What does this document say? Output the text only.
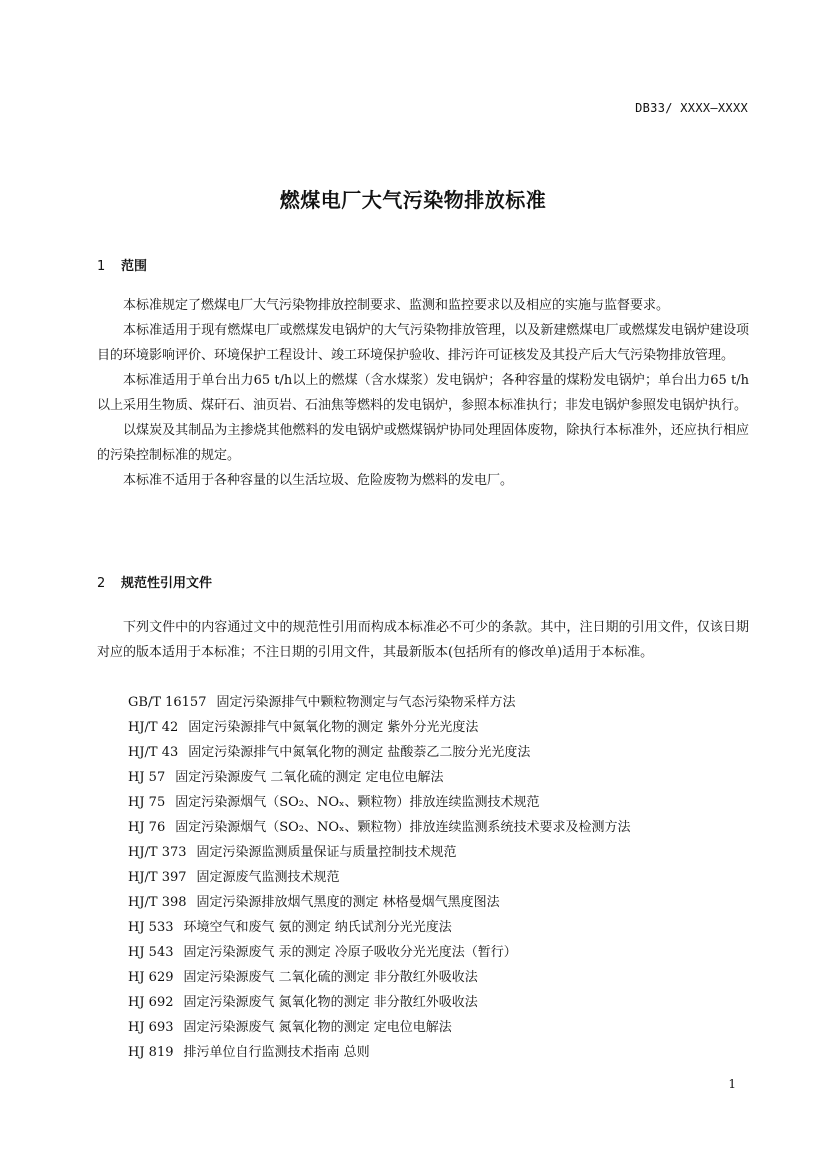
DB33/ XXXX—XXXX
燃煤电厂大气污染物排放标准
1 范围

本标准规定了燃煤电厂大气污染物排放控制要求、监测和监控要求以及相应的实施与监督要求。

本标准适用于现有燃煤电厂或燃煤发电锅炉的大气污染物排放管理，以及新建燃煤电厂或燃煤发电锅炉建设项目的环境影响评价、环境保护工程设计、竣工环境保护验收、排污许可证核发及其投产后大气污染物排放管理。

本标准适用于单台出力65 t/h以上的燃煤（含水煤浆）发电锅炉；各种容量的煤粉发电锅炉；单台出力65 t/h以上采用生物质、煤矸石、油页岩、石油焦等燃料的发电锅炉，参照本标准执行；非发电锅炉参照发电锅炉执行。

以煤炭及其制品为主掺烧其他燃料的发电锅炉或燃煤锅炉协同处理固体废物，除执行本标准外，还应执行相应的污染控制标准的规定。

本标准不适用于各种容量的以生活垃圾、危险废物为燃料的发电厂。

2 规范性引用文件

下列文件中的内容通过文中的规范性引用而构成本标准必不可少的条款。其中，注日期的引用文件，仅该日期对应的版本适用于本标准；不注日期的引用文件，其最新版本(包括所有的修改单)适用于本标准。

GB/T 16157 固定污染源排气中颗粒物测定与气态污染物采样方法
HJ/T 42 固定污染源排气中氮氧化物的测定 紫外分光光度法
HJ/T 43 固定污染源排气中氮氧化物的测定 盐酸萘乙二胺分光光度法
HJ 57 固定污染源废气 二氧化硫的测定 定电位电解法
HJ 75 固定污染源烟气（SO₂、NOₓ、颗粒物）排放连续监测技术规范
HJ 76 固定污染源烟气（SO₂、NOₓ、颗粒物）排放连续监测系统技术要求及检测方法
HJ/T 373 固定污染源监测质量保证与质量控制技术规范
HJ/T 397 固定源废气监测技术规范
HJ/T 398 固定污染源排放烟气黑度的测定 林格曼烟气黑度图法
HJ 533 环境空气和废气 氨的测定 纳氏试剂分光光度法
HJ 543 固定污染源废气 汞的测定 冷原子吸收分光光度法（暂行）
HJ 629 固定污染源废气 二氧化硫的测定 非分散红外吸收法
HJ 692 固定污染源废气 氮氧化物的测定 非分散红外吸收法
HJ 693 固定污染源废气 氮氧化物的测定 定电位电解法
HJ 819 排污单位自行监测技术指南 总则
1
